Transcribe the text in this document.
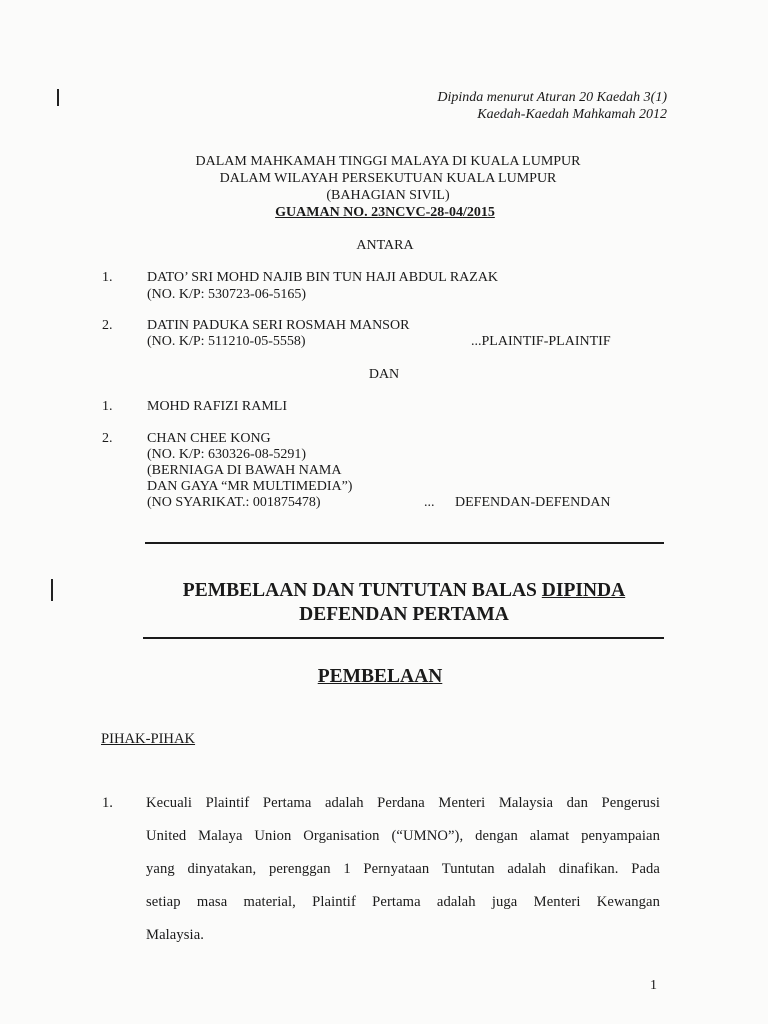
Dipinda menurut Aturan 20 Kaedah 3(1)
Kaedah-Kaedah Mahkamah 2012
DALAM MAHKAMAH TINGGI MALAYA DI KUALA LUMPUR
DALAM WILAYAH PERSEKUTUAN KUALA LUMPUR
(BAHAGIAN SIVIL)
GUAMAN NO. 23NCVC-28-04/2015
ANTARA
1. DATO’ SRI MOHD NAJIB BIN TUN HAJI ABDUL RAZAK
(NO. K/P: 530723-06-5165)
2. DATIN PADUKA SERI ROSMAH MANSOR
(NO. K/P: 511210-05-5558)	...PLAINTIF-PLAINTIF
DAN
1. MOHD RAFIZI RAMLI
2. CHAN CHEE KONG
(NO. K/P: 630326-08-5291)
(BERNIAGA DI BAWAH NAMA
DAN GAYA “MR MULTIMEDIA”)
(NO SYARIKAT.: 001875478)	... DEFENDAN-DEFENDAN
PEMBELAAN DAN TUNTUTAN BALAS DIPINDA
DEFENDAN PERTAMA
PEMBELAAN
PIHAK-PIHAK
1. Kecuali Plaintif Pertama adalah Perdana Menteri Malaysia dan Pengerusi
United Malaya Union Organisation (“UMNO”), dengan alamat penyampaian
yang dinyatakan, perenggan 1 Pernyataan Tuntutan adalah dinafikan. Pada
setiap masa material, Plaintif Pertama adalah juga Menteri Kewangan
Malaysia.
1
